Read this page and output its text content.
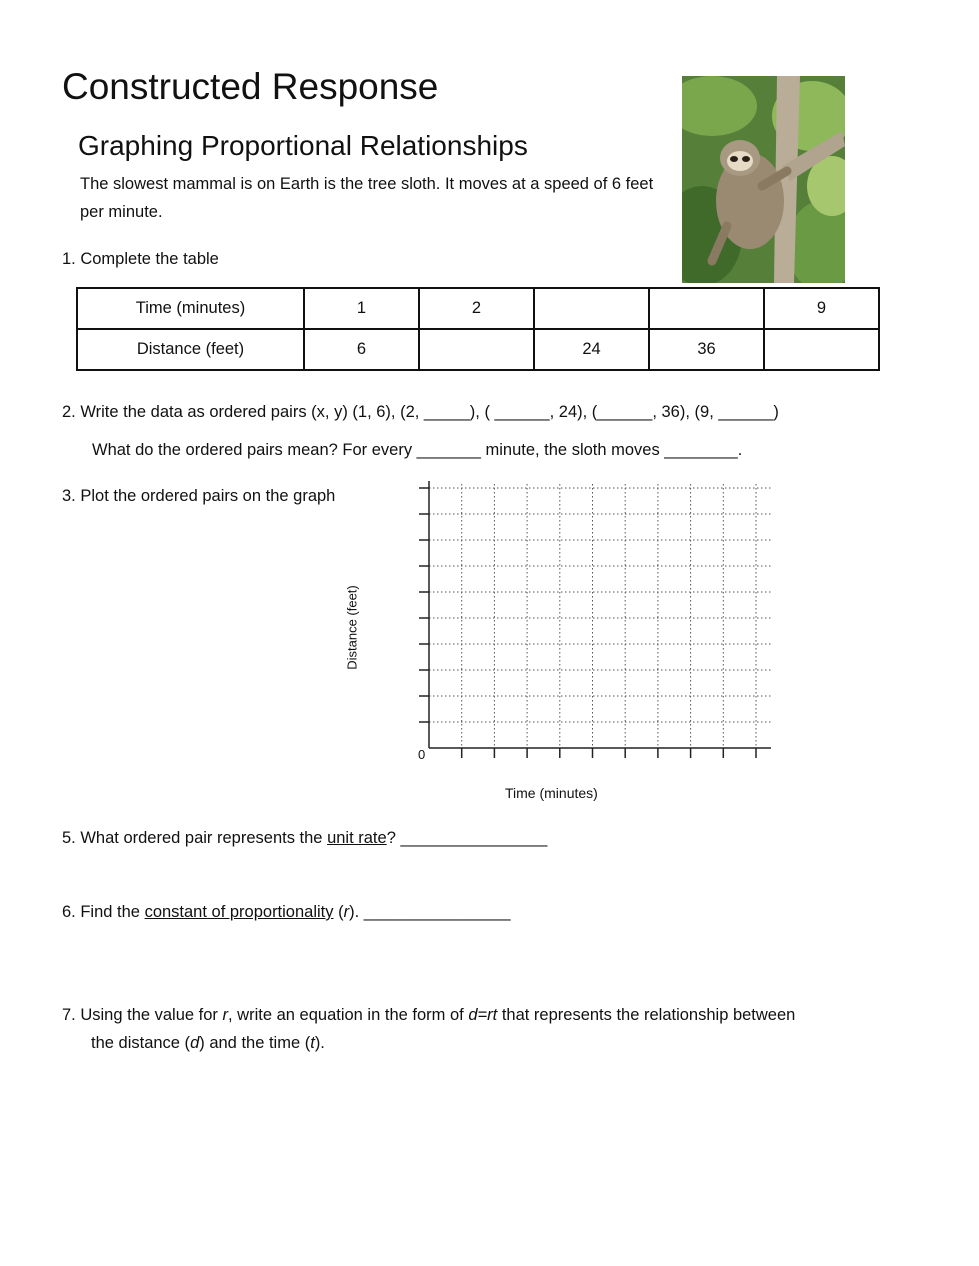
Constructed Response
Graphing Proportional Relationships
The slowest mammal is on Earth is the tree sloth. It moves at a speed of 6 feet per minute.
1. Complete the table
Time (minutes)	1	2			9
Distance (feet)	6		24	36	
2. Write the data as ordered pairs (x, y) (1, 6), (2, _____), ( ______, 24), (______, 36), (9, ______)
What do the ordered pairs mean? For every _______ minute, the sloth moves ________.
3. Plot the ordered pairs on the graph
Distance (feet)
0
Time (minutes)
5. What ordered pair represents the unit rate? ________________
6. Find the constant of proportionality (r). ________________
7. Using the value for r, write an equation in the form of d=rt that represents the relationship between
the distance (d) and the time (t).
